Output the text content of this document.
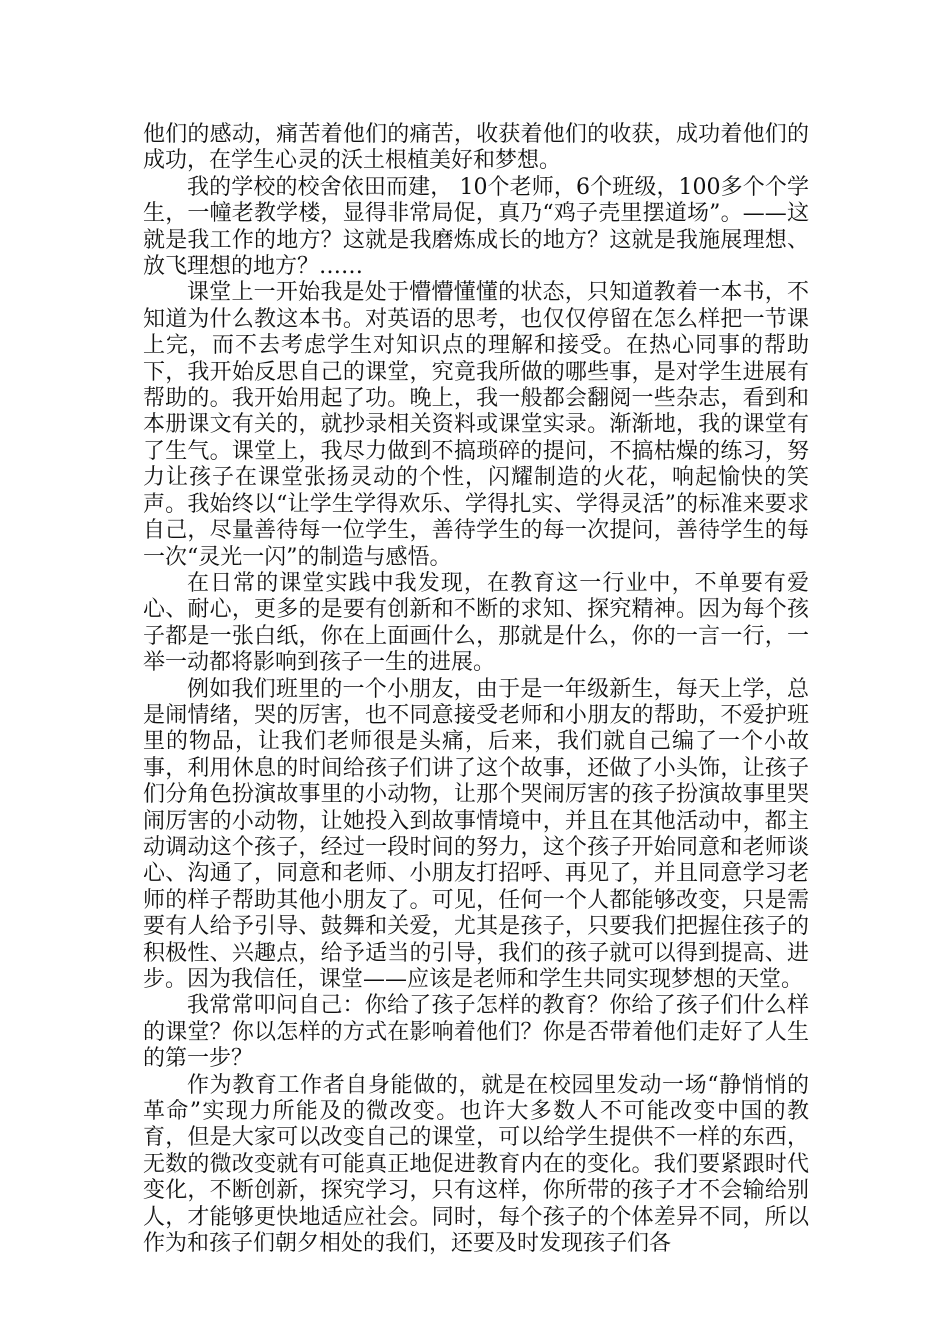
他们的感动，痛苦着他们的痛苦，收获着他们的收获，成功着他们的成功，在学生心灵的沃土根植美好和梦想。

我的学校的校舍依田而建， 10个老师，6个班级，100多个个学生，一幢老教学楼，显得非常局促，真乃“鸡子壳里摆道场”。——这就是我工作的地方？这就是我磨炼成长的地方？这就是我施展理想、放飞理想的地方？……

课堂上一开始我是处于懵懵懂懂的状态，只知道教着一本书，不知道为什么教这本书。对英语的思考，也仅仅停留在怎么样把一节课上完，而不去考虑学生对知识点的理解和接受。在热心同事的帮助下，我开始反思自己的课堂，究竟我所做的哪些事，是对学生进展有帮助的。我开始用起了功。晚上，我一般都会翻阅一些杂志，看到和本册课文有关的，就抄录相关资料或课堂实录。渐渐地，我的课堂有了生气。课堂上，我尽力做到不搞琐碎的提问，不搞枯燥的练习，努力让孩子在课堂张扬灵动的个性，闪耀制造的火花，响起愉快的笑声。我始终以“让学生学得欢乐、学得扎实、学得灵活”的标准来要求自己，尽量善待每一位学生，善待学生的每一次提问，善待学生的每一次“灵光一闪”的制造与感悟。

在日常的课堂实践中我发现，在教育这一行业中，不单要有爱心、耐心，更多的是要有创新和不断的求知、探究精神。因为每个孩子都是一张白纸，你在上面画什么，那就是什么，你的一言一行，一举一动都将影响到孩子一生的进展。

例如我们班里的一个小朋友，由于是一年级新生，每天上学，总是闹情绪，哭的厉害，也不同意接受老师和小朋友的帮助，不爱护班里的物品，让我们老师很是头痛，后来，我们就自己编了一个小故事，利用休息的时间给孩子们讲了这个故事，还做了小头饰，让孩子们分角色扮演故事里的小动物，让那个哭闹厉害的孩子扮演故事里哭闹厉害的小动物，让她投入到故事情境中，并且在其他活动中，都主动调动这个孩子，经过一段时间的努力，这个孩子开始同意和老师谈心、沟通了，同意和老师、小朋友打招呼、再见了，并且同意学习老师的样子帮助其他小朋友了。可见，任何一个人都能够改变，只是需要有人给予引导、鼓舞和关爱，尤其是孩子，只要我们把握住孩子的积极性、兴趣点，给予适当的引导，我们的孩子就可以得到提高、进步。因为我信任，课堂——应该是老师和学生共同实现梦想的天堂。

我常常叩问自己：你给了孩子怎样的教育？你给了孩子们什么样的课堂？你以怎样的方式在影响着他们？你是否带着他们走好了人生的第一步？

作为教育工作者自身能做的，就是在校园里发动一场“静悄悄的革命”实现力所能及的微改变。也许大多数人不可能改变中国的教育，但是大家可以改变自己的课堂，可以给学生提供不一样的东西，无数的微改变就有可能真正地促进教育内在的变化。我们要紧跟时代变化，不断创新，探究学习，只有这样，你所带的孩子才不会输给别人，才能够更快地适应社会。同时，每个孩子的个体差异不同，所以作为和孩子们朝夕相处的我们，还要及时发现孩子们各
